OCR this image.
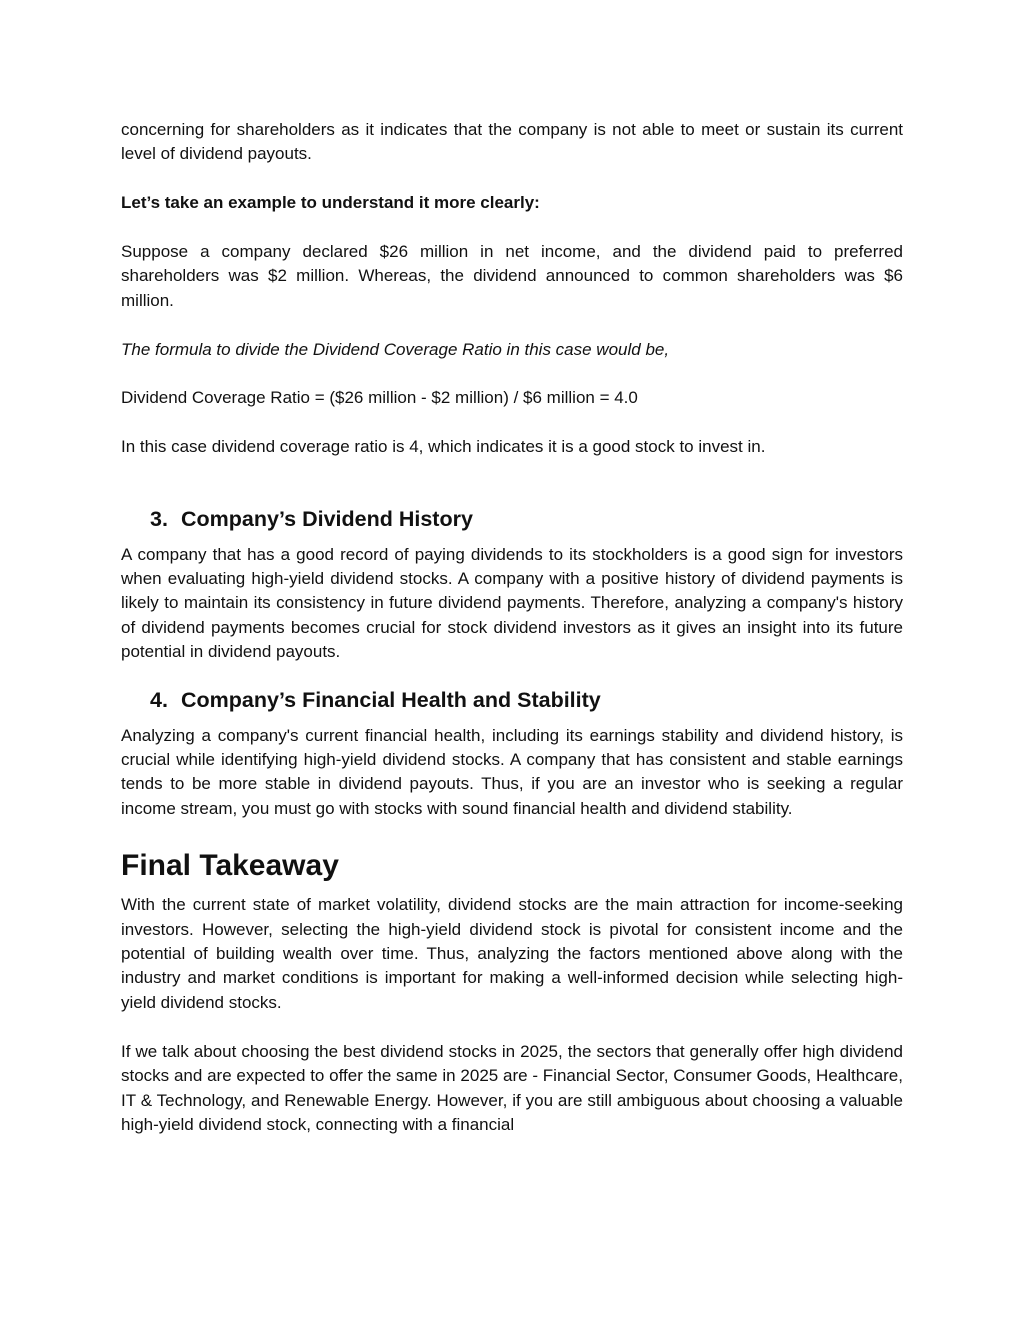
concerning for shareholders as it indicates that the company is not able to meet or sustain its current level of dividend payouts.

Let’s take an example to understand it more clearly:

Suppose a company declared $26 million in net income, and the dividend paid to preferred shareholders was $2 million. Whereas, the dividend announced to common shareholders was $6 million.

The formula to divide the Dividend Coverage Ratio in this case would be,

Dividend Coverage Ratio = ($26 million - $2 million) / $6 million = 4.0

In this case dividend coverage ratio is 4, which indicates it is a good stock to invest in.

3. Company’s Dividend History

A company that has a good record of paying dividends to its stockholders is a good sign for investors when evaluating high-yield dividend stocks. A company with a positive history of dividend payments is likely to maintain its consistency in future dividend payments. Therefore, analyzing a company's history of dividend payments becomes crucial for stock dividend investors as it gives an insight into its future potential in dividend payouts.

4. Company’s Financial Health and Stability

Analyzing a company's current financial health, including its earnings stability and dividend history, is crucial while identifying high-yield dividend stocks. A company that has consistent and stable earnings tends to be more stable in dividend payouts. Thus, if you are an investor who is seeking a regular income stream, you must go with stocks with sound financial health and dividend stability.

Final Takeaway

With the current state of market volatility, dividend stocks are the main attraction for income-seeking investors. However, selecting the high-yield dividend stock is pivotal for consistent income and the potential of building wealth over time. Thus, analyzing the factors mentioned above along with the industry and market conditions is important for making a well-informed decision while selecting high-yield dividend stocks.

If we talk about choosing the best dividend stocks in 2025, the sectors that generally offer high dividend stocks and are expected to offer the same in 2025 are - Financial Sector, Consumer Goods, Healthcare, IT & Technology, and Renewable Energy. However, if you are still ambiguous about choosing a valuable high-yield dividend stock, connecting with a financial
